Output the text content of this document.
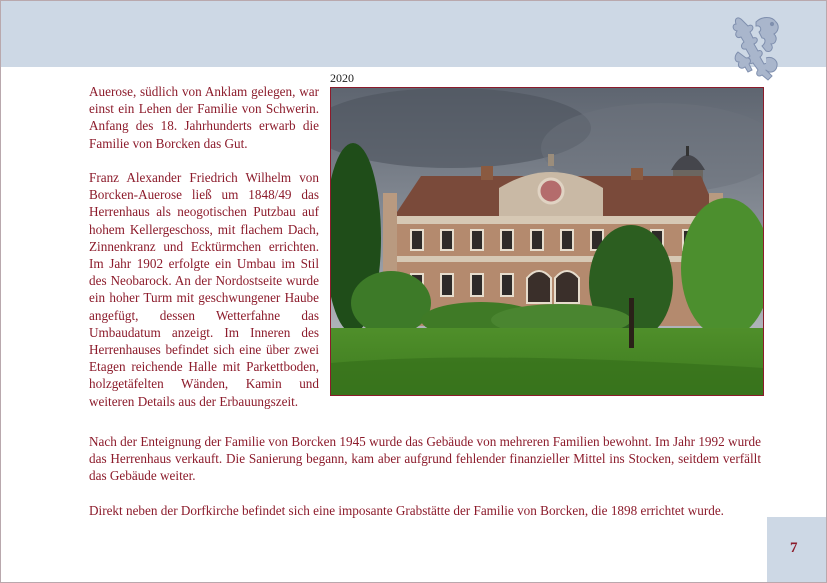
2020

Auerose, südlich von Anklam gelegen, war einst ein Lehen der Familie von Schwerin. Anfang des 18. Jahrhunderts erwarb die Familie von Borcken das Gut.

Franz Alexander Friedrich Wilhelm von Borcken-Auerose ließ um 1848/49 das Herrenhaus als neogotischen Putzbau auf hohem Kellergeschoss, mit flachem Dach, Zinnenkranz und Ecktürmchen errichten. Im Jahr 1902 erfolgte ein Umbau im Stil des Neobarock. An der Nordostseite wurde ein hoher Turm mit geschwungener Haube angefügt, dessen Wetterfahne das Umbaudatum anzeigt. Im Inneren des Herrenhauses befindet sich eine über zwei Etagen reichende Halle mit Parkettboden, holzgetäfelten Wänden, Kamin und weiteren Details aus der Erbauungszeit.

Nach der Enteignung der Familie von Borcken 1945 wurde das Gebäude von mehreren Familien bewohnt. Im Jahr 1992 wurde das Herrenhaus verkauft. Die Sanierung begann, kam aber aufgrund fehlender finanzieller Mittel ins Stocken, seitdem verfällt das Gebäude weiter.

Direkt neben der Dorfkirche befindet sich eine imposante Grabstätte der Familie von Borcken, die 1898 errichtet wurde.

7
